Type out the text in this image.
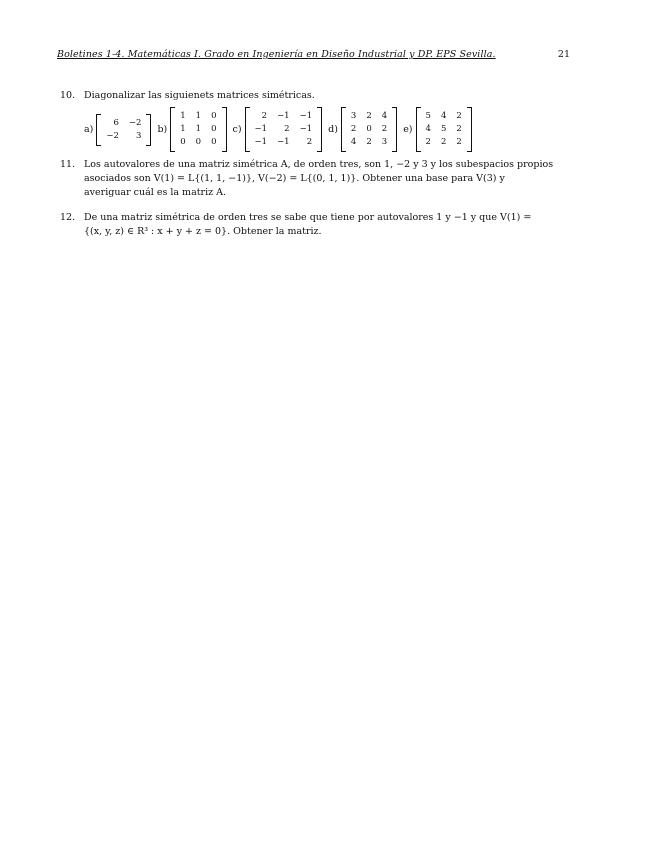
Boletines 1-4. Matemáticas I. Grado en Ingeniería en Diseño Industrial y DP. EPS Sevilla.	21
10. Diagonalizar las siguienets matrices simétricas.
a)
6 −2
−2	3
b)
1 1 0
1 1 0
0 0 0
c)
2 −1 −1
−1	2 −1
−1 −1	2
d)
3 2 4
2 0 2
4 2 3
e)
5 4 2
4 5 2
2 2 2
11. Los autovalores de una matriz simétrica A, de orden tres, son 1, −2 y 3 y los subespacios propios
asociados son V(1) = L{(1, 1, −1)}, V(−2) = L{(0, 1, 1)}. Obtener una base para V(3) y
averiguar cuál es la matriz A.
12. De una matriz simétrica de orden tres se sabe que tiene por autovalores 1 y −1 y que V(1) =
{(x, y, z) ∈ R³ : x + y + z = 0}. Obtener la matriz.
